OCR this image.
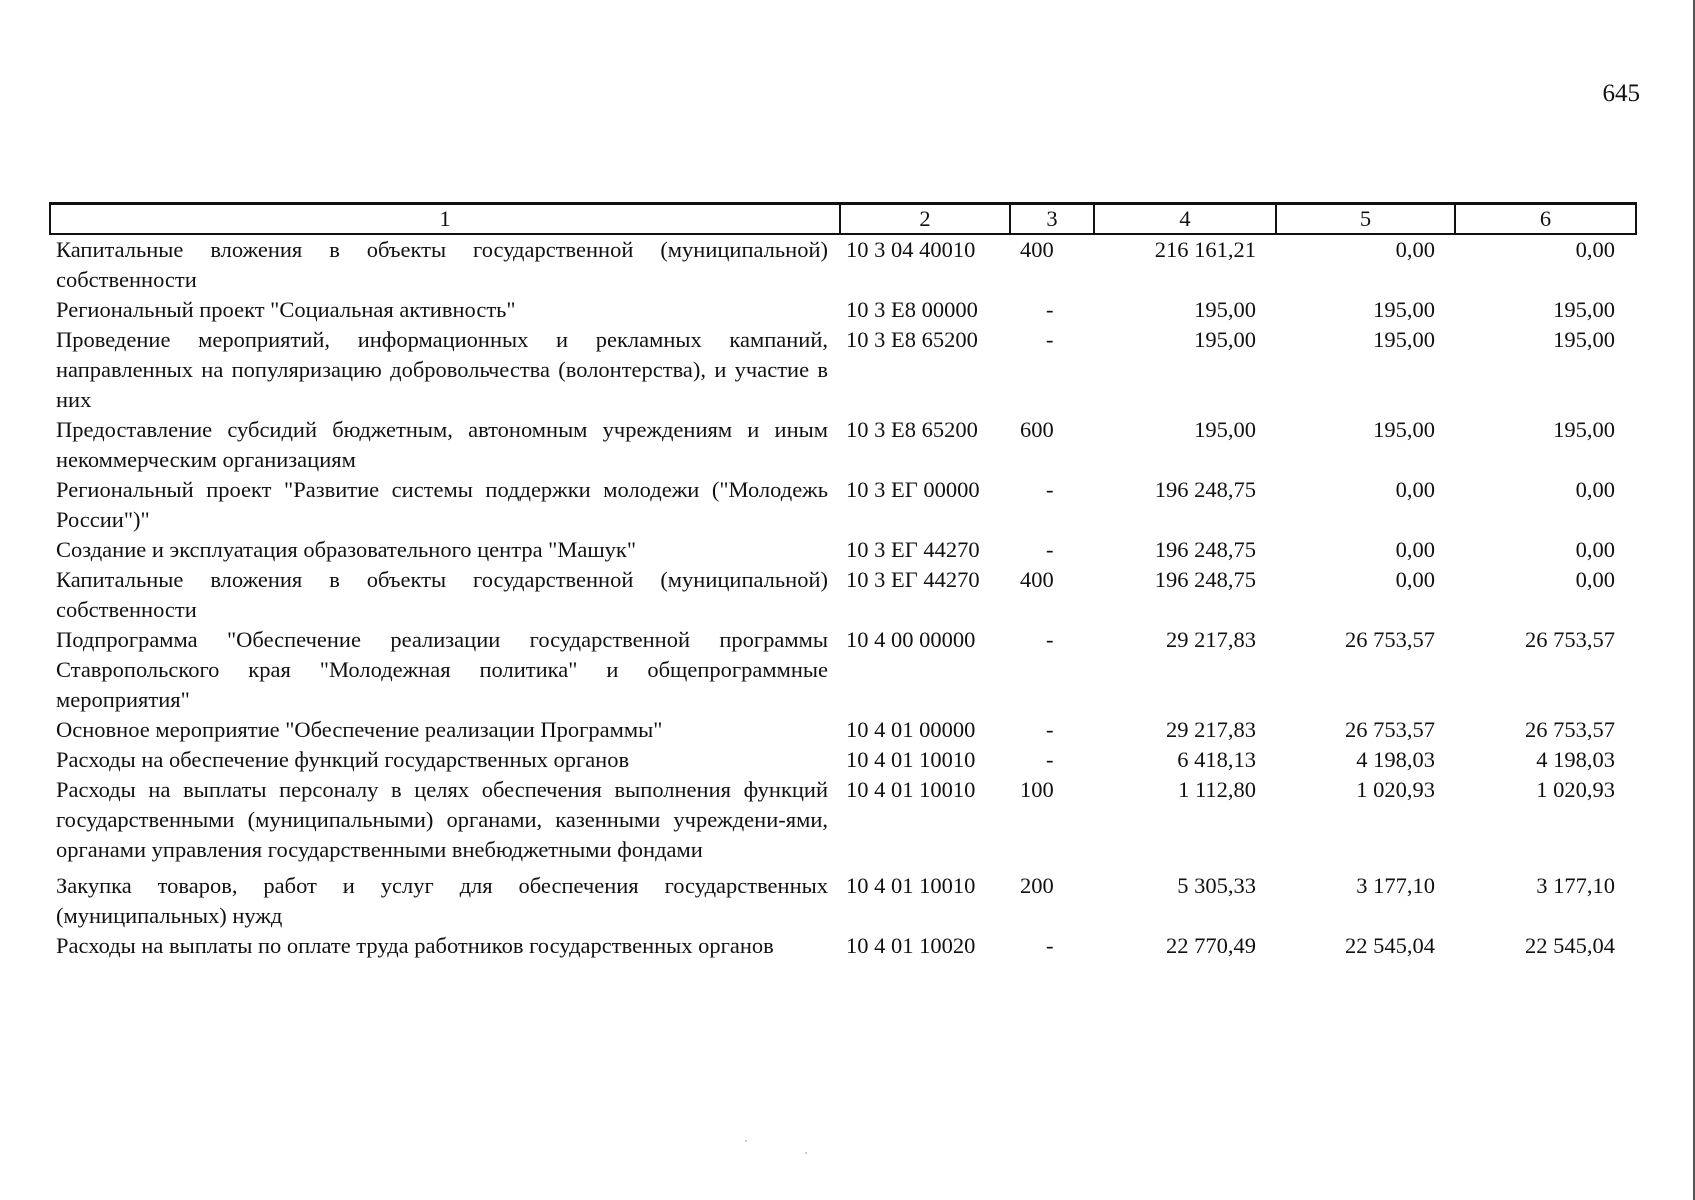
645
1	2	3	4	5	6
Капитальные вложения в объекты государственной (муниципальной) собственности	10 3 04 40010	400	216 161,21	0,00	0,00
Региональный проект "Социальная активность"	10 3 Е8 00000	-	195,00	195,00	195,00
Проведение мероприятий, информационных и рекламных кампаний, направленных на популяризацию добровольчества (волонтерства), и участие в них	10 3 Е8 65200	-	195,00	195,00	195,00
Предоставление субсидий бюджетным, автономным учреждениям и иным некоммерческим организациям	10 3 Е8 65200	600	195,00	195,00	195,00
Региональный проект "Развитие системы поддержки молодежи ("Молодежь России")"	10 3 ЕГ 00000	-	196 248,75	0,00	0,00
Создание и эксплуатация образовательного центра "Машук"	10 3 ЕГ 44270	-	196 248,75	0,00	0,00
Капитальные вложения в объекты государственной (муниципальной) собственности	10 3 ЕГ 44270	400	196 248,75	0,00	0,00
Подпрограмма "Обеспечение реализации государственной программы Ставропольского края "Молодежная политика" и общепрограммные мероприятия"	10 4 00 00000	-	29 217,83	26 753,57	26 753,57
Основное мероприятие "Обеспечение реализации Программы"	10 4 01 00000	-	29 217,83	26 753,57	26 753,57
Расходы на обеспечение функций государственных органов	10 4 01 10010	-	6 418,13	4 198,03	4 198,03
Расходы на выплаты персоналу в целях обеспечения выполнения функций государственными (муниципальными) органами, казенными учреждени-ями, органами управления государственными внебюджетными фондами	10 4 01 10010	100	1 112,80	1 020,93	1 020,93
Закупка товаров, работ и услуг для обеспечения государственных (муниципальных) нужд	10 4 01 10010	200	5 305,33	3 177,10	3 177,10
Расходы на выплаты по оплате труда работников государственных органов	10 4 01 10020	-	22 770,49	22 545,04	22 545,04
